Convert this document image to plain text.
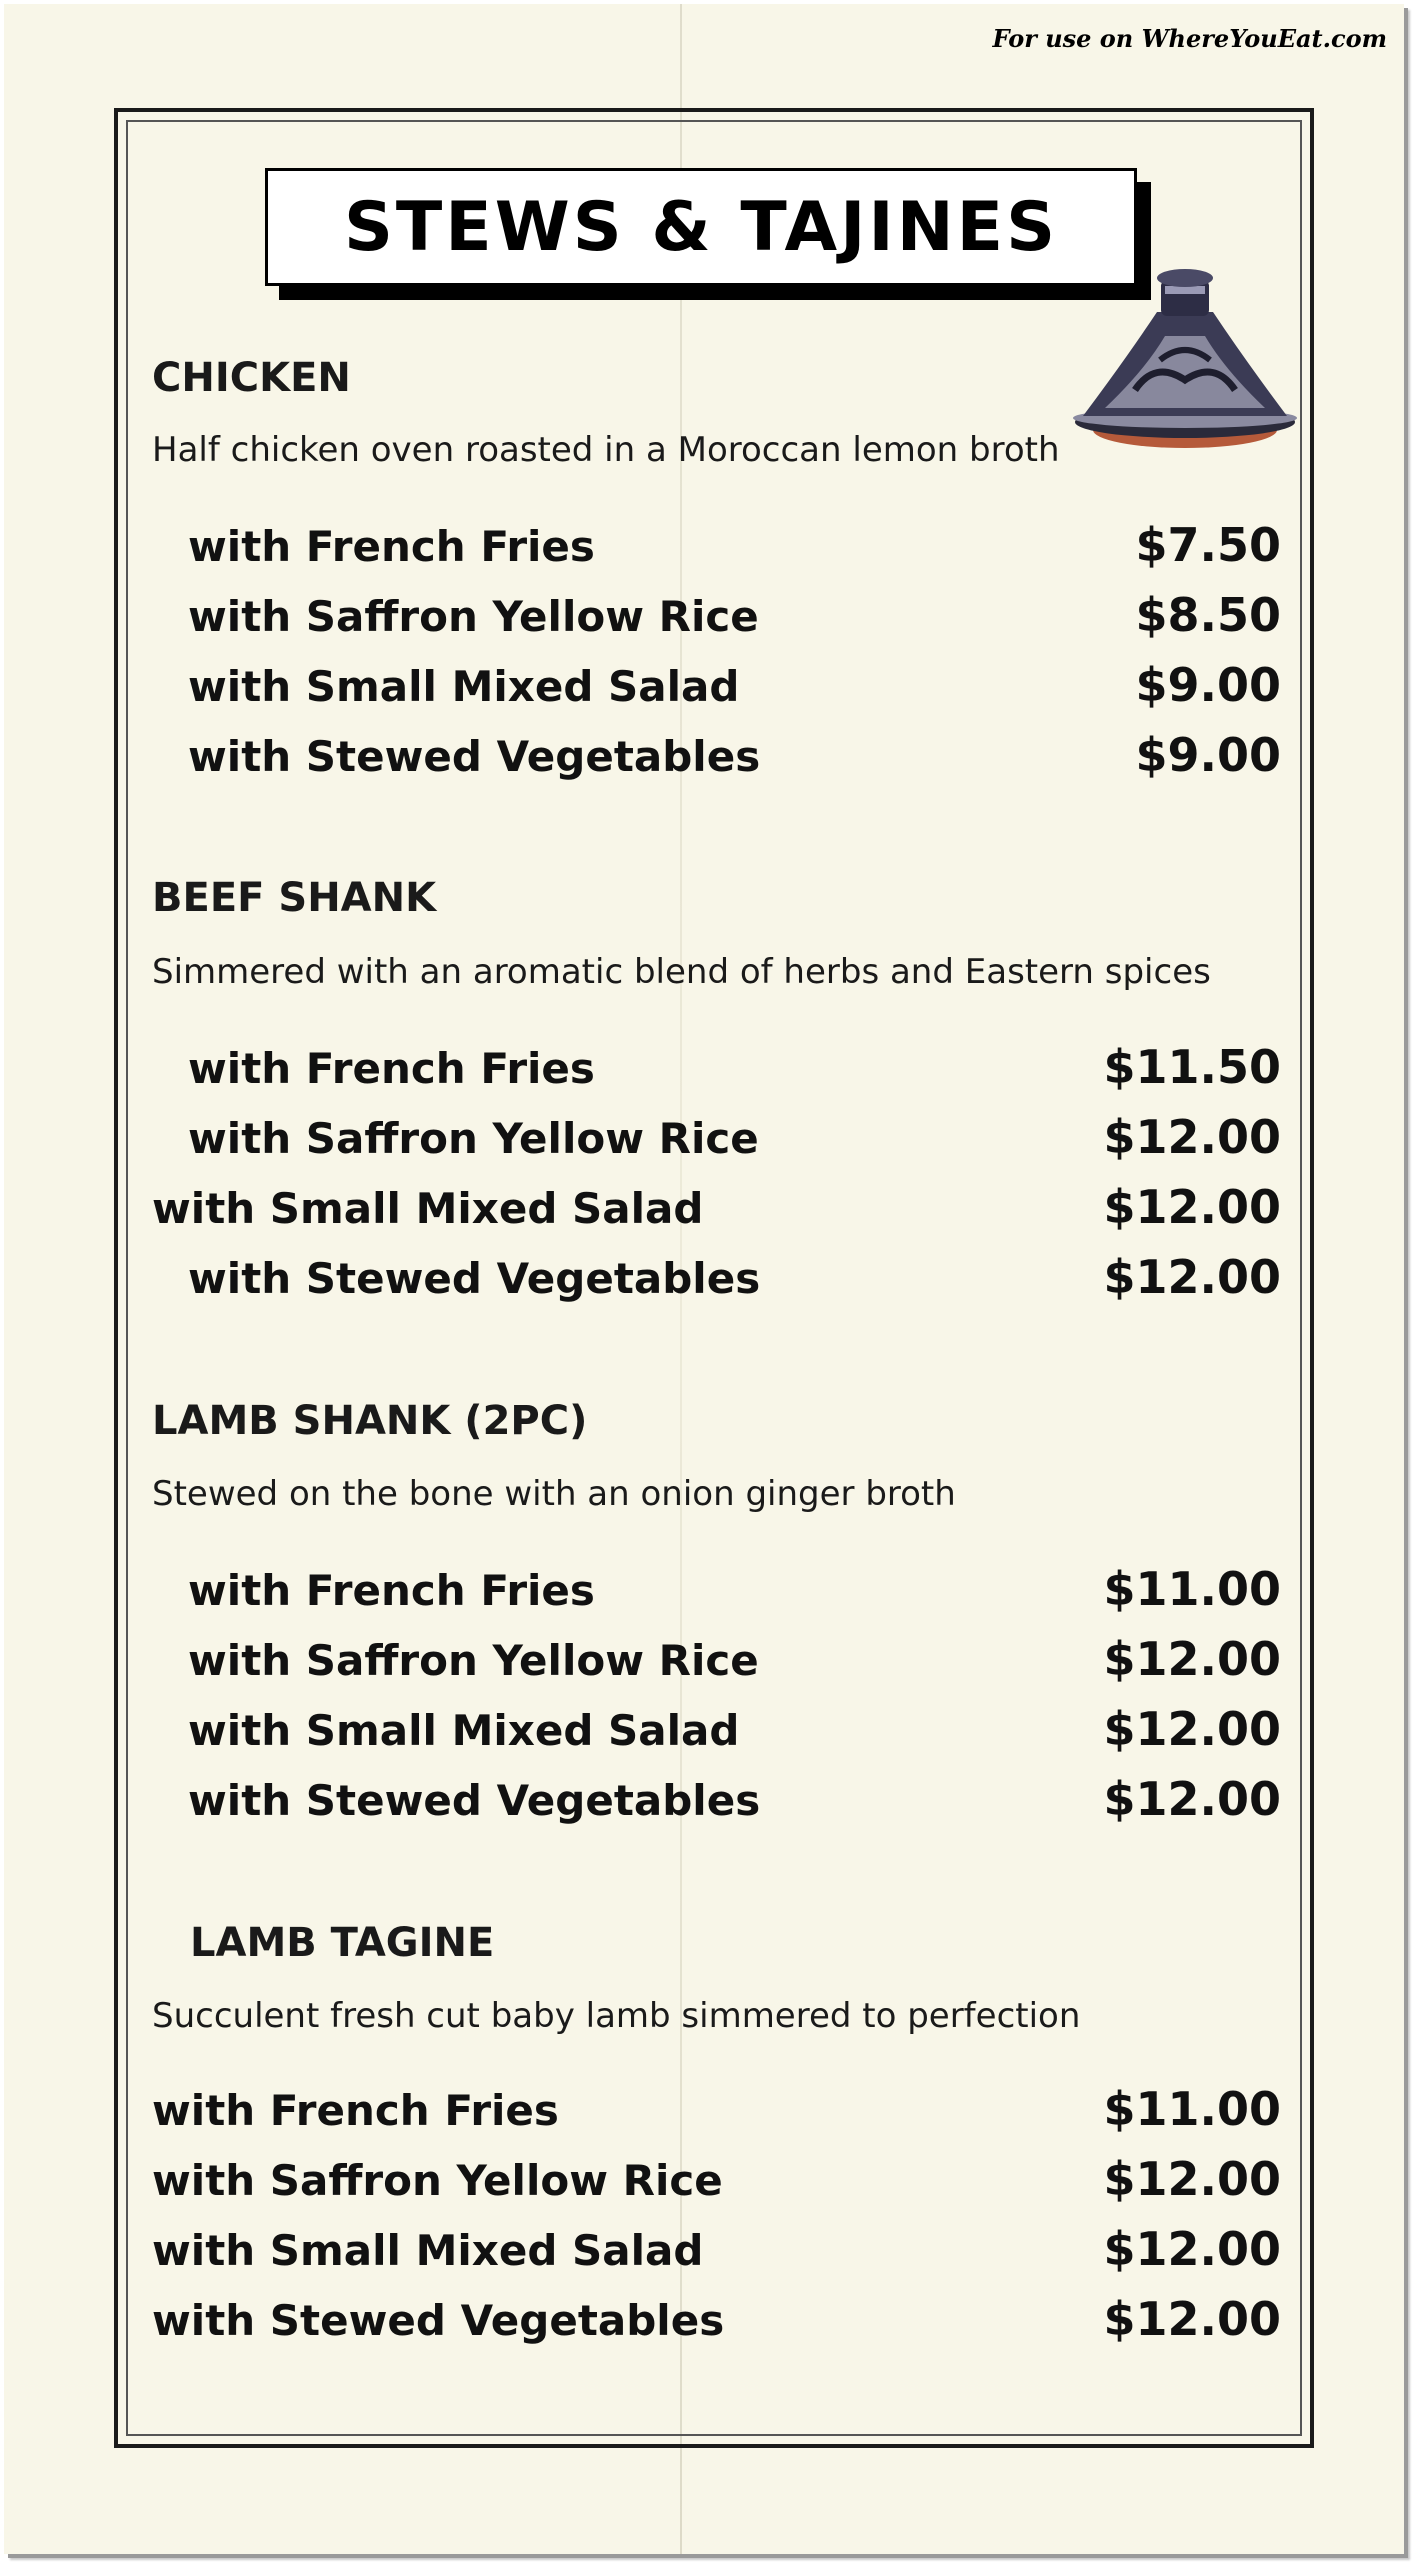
For use on WhereYouEat.com
STEWS & TAJINES
CHICKEN
Half chicken oven roasted in a Moroccan lemon broth
with French Fries	$7.50
with Saffron Yellow Rice	$8.50
with Small Mixed Salad	$9.00
with Stewed Vegetables	$9.00
BEEF SHANK
Simmered with an aromatic blend of herbs and Eastern spices
with French Fries	$11.50
with Saffron Yellow Rice	$12.00
with Small Mixed Salad	$12.00
with Stewed Vegetables	$12.00
LAMB SHANK (2PC)
Stewed on the bone with an onion ginger broth
with French Fries	$11.00
with Saffron Yellow Rice	$12.00
with Small Mixed Salad	$12.00
with Stewed Vegetables	$12.00
LAMB TAGINE
Succulent fresh cut baby lamb simmered to perfection
with French Fries	$11.00
with Saffron Yellow Rice	$12.00
with Small Mixed Salad	$12.00
with Stewed Vegetables	$12.00
